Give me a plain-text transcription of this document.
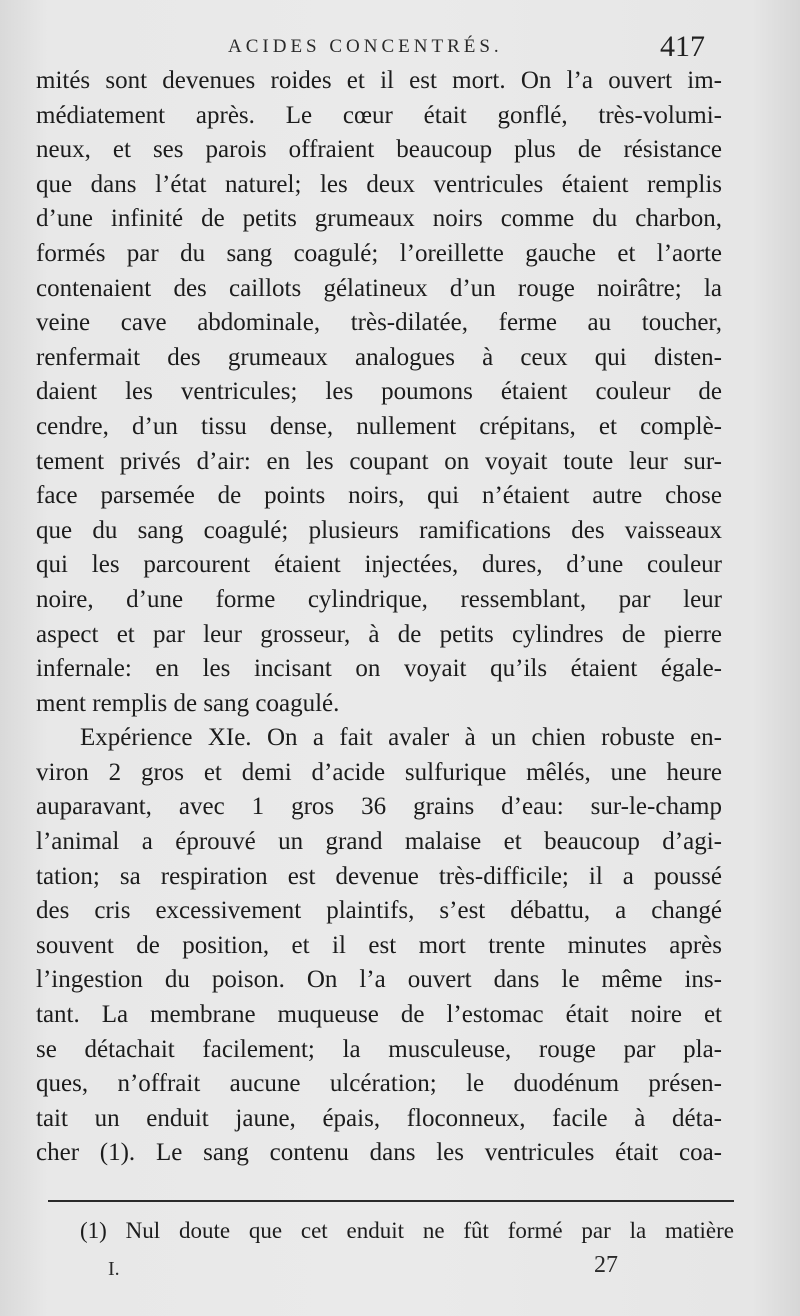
ACIDES CONCENTRÉS.	417
mités sont devenues roides et il est mort. On l’a ouvert im-
médiatement après. Le cœur était gonflé, très-volumi-
neux, et ses parois offraient beaucoup plus de résistance
que dans l’état naturel; les deux ventricules étaient remplis
d’une infinité de petits grumeaux noirs comme du charbon,
formés par du sang coagulé; l’oreillette gauche et l’aorte
contenaient des caillots gélatineux d’un rouge noirâtre; la
veine cave abdominale, très-dilatée, ferme au toucher,
renfermait des grumeaux analogues à ceux qui disten-
daient les ventricules; les poumons étaient couleur de
cendre, d’un tissu dense, nullement crépitans, et complè-
tement privés d’air: en les coupant on voyait toute leur sur-
face parsemée de points noirs, qui n’étaient autre chose
que du sang coagulé; plusieurs ramifications des vaisseaux
qui les parcourent étaient injectées, dures, d’une couleur
noire, d’une forme cylindrique, ressemblant, par leur
aspect et par leur grosseur, à de petits cylindres de pierre
infernale: en les incisant on voyait qu’ils étaient égale-
ment remplis de sang coagulé.
Expérience XIe. On a fait avaler à un chien robuste en-
viron 2 gros et demi d’acide sulfurique mêlés, une heure
auparavant, avec 1 gros 36 grains d’eau: sur-le-champ
l’animal a éprouvé un grand malaise et beaucoup d’agi-
tation; sa respiration est devenue très-difficile; il a poussé
des cris excessivement plaintifs, s’est débattu, a changé
souvent de position, et il est mort trente minutes après
l’ingestion du poison. On l’a ouvert dans le même ins-
tant. La membrane muqueuse de l’estomac était noire et
se détachait facilement; la musculeuse, rouge par pla-
ques, n’offrait aucune ulcération; le duodénum présen-
tait un enduit jaune, épais, floconneux, facile à déta-
cher (1). Le sang contenu dans les ventricules était coa-
(1) Nul doute que cet enduit ne fût formé par la matière
I.	27
